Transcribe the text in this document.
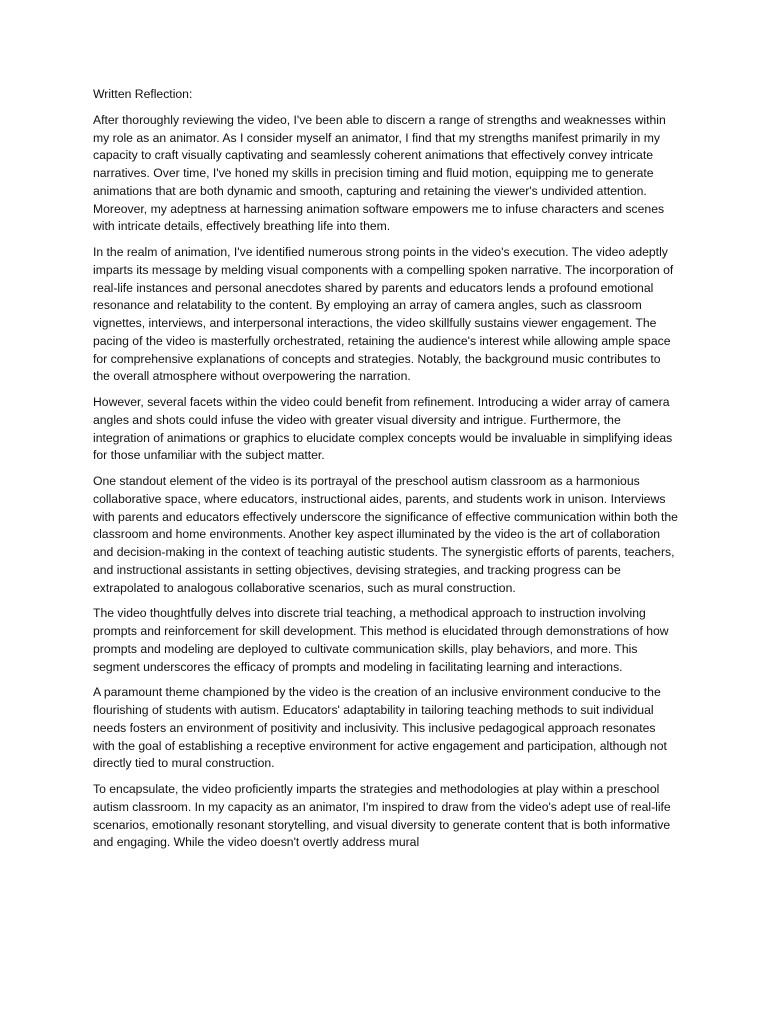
Written Reflection:

After thoroughly reviewing the video, I've been able to discern a range of strengths and weaknesses within my role as an animator. As I consider myself an animator, I find that my strengths manifest primarily in my capacity to craft visually captivating and seamlessly coherent animations that effectively convey intricate narratives. Over time, I've honed my skills in precision timing and fluid motion, equipping me to generate animations that are both dynamic and smooth, capturing and retaining the viewer's undivided attention. Moreover, my adeptness at harnessing animation software empowers me to infuse characters and scenes with intricate details, effectively breathing life into them.

In the realm of animation, I've identified numerous strong points in the video's execution. The video adeptly imparts its message by melding visual components with a compelling spoken narrative. The incorporation of real-life instances and personal anecdotes shared by parents and educators lends a profound emotional resonance and relatability to the content. By employing an array of camera angles, such as classroom vignettes, interviews, and interpersonal interactions, the video skillfully sustains viewer engagement. The pacing of the video is masterfully orchestrated, retaining the audience's interest while allowing ample space for comprehensive explanations of concepts and strategies. Notably, the background music contributes to the overall atmosphere without overpowering the narration.

However, several facets within the video could benefit from refinement. Introducing a wider array of camera angles and shots could infuse the video with greater visual diversity and intrigue. Furthermore, the integration of animations or graphics to elucidate complex concepts would be invaluable in simplifying ideas for those unfamiliar with the subject matter.

One standout element of the video is its portrayal of the preschool autism classroom as a harmonious collaborative space, where educators, instructional aides, parents, and students work in unison. Interviews with parents and educators effectively underscore the significance of effective communication within both the classroom and home environments. Another key aspect illuminated by the video is the art of collaboration and decision-making in the context of teaching autistic students. The synergistic efforts of parents, teachers, and instructional assistants in setting objectives, devising strategies, and tracking progress can be extrapolated to analogous collaborative scenarios, such as mural construction.

The video thoughtfully delves into discrete trial teaching, a methodical approach to instruction involving prompts and reinforcement for skill development. This method is elucidated through demonstrations of how prompts and modeling are deployed to cultivate communication skills, play behaviors, and more. This segment underscores the efficacy of prompts and modeling in facilitating learning and interactions.

A paramount theme championed by the video is the creation of an inclusive environment conducive to the flourishing of students with autism. Educators' adaptability in tailoring teaching methods to suit individual needs fosters an environment of positivity and inclusivity. This inclusive pedagogical approach resonates with the goal of establishing a receptive environment for active engagement and participation, although not directly tied to mural construction.

To encapsulate, the video proficiently imparts the strategies and methodologies at play within a preschool autism classroom. In my capacity as an animator, I'm inspired to draw from the video's adept use of real-life scenarios, emotionally resonant storytelling, and visual diversity to generate content that is both informative and engaging. While the video doesn't overtly address mural
